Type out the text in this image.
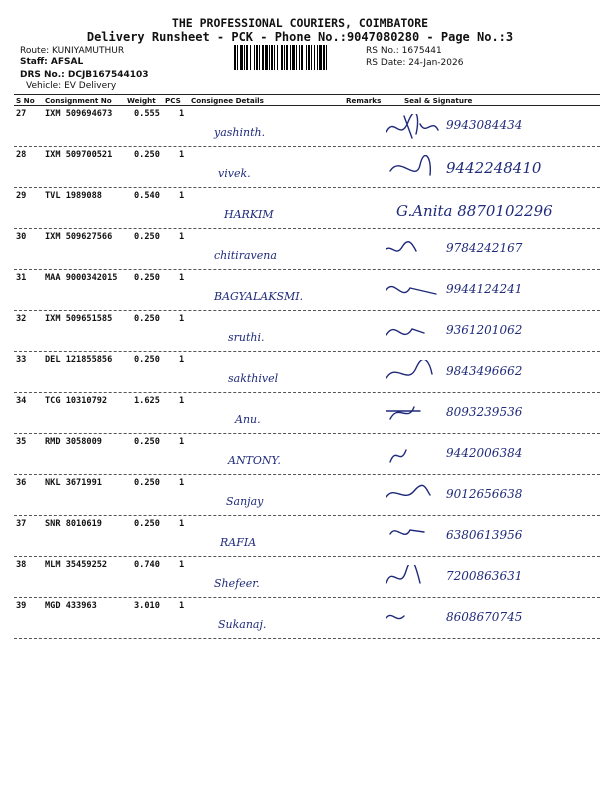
THE PROFESSIONAL COURIERS, COIMBATORE
Delivery Runsheet - PCK - Phone No.:9047080280 - Page No.:3
Route: KUNIYAMUTHUR
Staff: AFSAL
DRS No.: DCJB167544103
Vehicle: EV Delivery
RS No.: 1675441
RS Date: 24-Jan-2026
S No Consignment No Weight PCS Consignee Details	Remarks	Seal & Signature
27 IXM 509694673	0.555 1
yashinth.
9943084434
28 IXM 509700521	0.250 1
vivek.	9442248410
29 TVL 1989088	0.540 1
HARKIM	G.Anita 8870102296
30 IXM 509627566	0.250 1
chitiravena
9784242167
31 MAA 9000342015 0.250 1
BAGYALAKSMI.
9944124241
32 IXM 509651585	0.250 1
sruthi.
9361201062
33 DEL 121855856	0.250 1
sakthivel
9843496662
34 TCG 10310792	1.625 1
Anu.
8093239536
35 RMD 3058009	0.250 1
ANTONY.
9442006384
36 NKL 3671991	0.250 1
Sanjay
9012656638
37 SNR 8010619	0.250 1
RAFIA
6380613956
38 MLM 35459252	0.740 1
Shefeer.
7200863631
39 MGD 433963	3.010 1
Sukanaj.
8608670745
